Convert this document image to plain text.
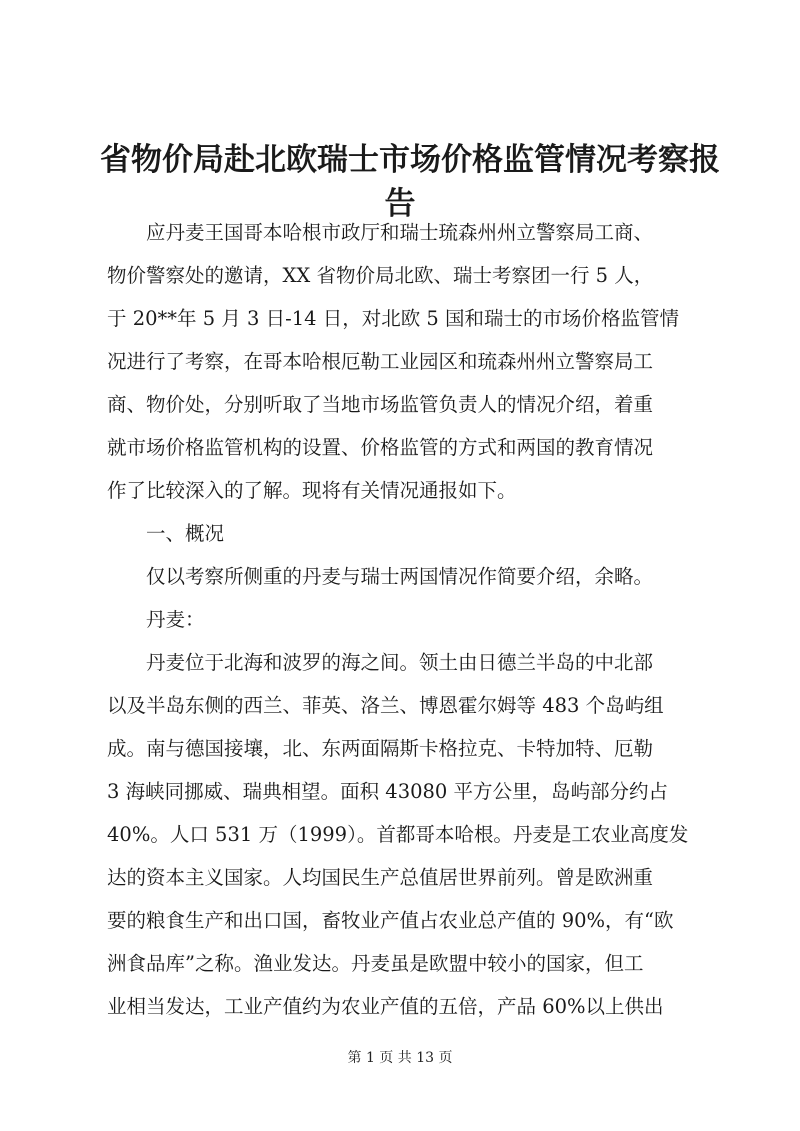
省物价局赴北欧瑞士市场价格监管情况考察报
告
　　应丹麦王国哥本哈根市政厅和瑞士琉森州州立警察局工商、
物价警察处的邀请，XX 省物价局北欧、瑞士考察团一行 5 人，
于 20**年 5 月 3 日-14 日，对北欧 5 国和瑞士的市场价格监管情
况进行了考察，在哥本哈根厄勒工业园区和琉森州州立警察局工
商、物价处，分别听取了当地市场监管负责人的情况介绍，着重
就市场价格监管机构的设置、价格监管的方式和两国的教育情况
作了比较深入的了解。现将有关情况通报如下。
　　一、概况
　　仅以考察所侧重的丹麦与瑞士两国情况作简要介绍，余略。
　　丹麦：
　　丹麦位于北海和波罗的海之间。领土由日德兰半岛的中北部
以及半岛东侧的西兰、菲英、洛兰、博恩霍尔姆等 483 个岛屿组
成。南与德国接壤，北、东两面隔斯卡格拉克、卡特加特、厄勒
3 海峡同挪威、瑞典相望。面积 43080 平方公里，岛屿部分约占
40%。人口 531 万（1999）。首都哥本哈根。丹麦是工农业高度发
达的资本主义国家。人均国民生产总值居世界前列。曾是欧洲重
要的粮食生产和出口国，畜牧业产值占农业总产值的 90%，有“欧
洲食品库”之称。渔业发达。丹麦虽是欧盟中较小的国家，但工
业相当发达，工业产值约为农业产值的五倍，产品 60%以上供出
第 1 页 共 13 页
